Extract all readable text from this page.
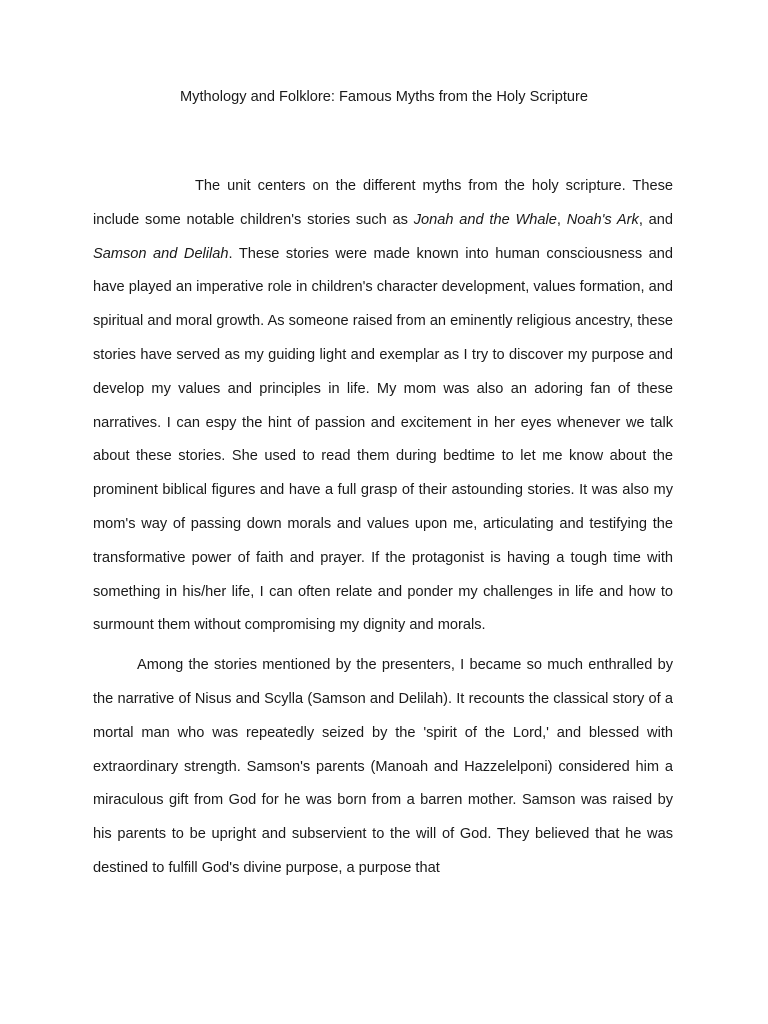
Mythology and Folklore: Famous Myths from the Holy Scripture

The unit centers on the different myths from the holy scripture. These include some notable children's stories such as Jonah and the Whale, Noah's Ark, and Samson and Delilah. These stories were made known into human consciousness and have played an imperative role in children's character development, values formation, and spiritual and moral growth. As someone raised from an eminently religious ancestry, these stories have served as my guiding light and exemplar as I try to discover my purpose and develop my values and principles in life. My mom was also an adoring fan of these narratives. I can espy the hint of passion and excitement in her eyes whenever we talk about these stories. She used to read them during bedtime to let me know about the prominent biblical figures and have a full grasp of their astounding stories. It was also my mom's way of passing down morals and values upon me, articulating and testifying the transformative power of faith and prayer. If the protagonist is having a tough time with something in his/her life, I can often relate and ponder my challenges in life and how to surmount them without compromising my dignity and morals.

Among the stories mentioned by the presenters, I became so much enthralled by the narrative of Nisus and Scylla (Samson and Delilah). It recounts the classical story of a mortal man who was repeatedly seized by the 'spirit of the Lord,' and blessed with extraordinary strength. Samson's parents (Manoah and Hazzelelponi) considered him a miraculous gift from God for he was born from a barren mother. Samson was raised by his parents to be upright and subservient to the will of God. They believed that he was destined to fulfill God's divine purpose, a purpose that
